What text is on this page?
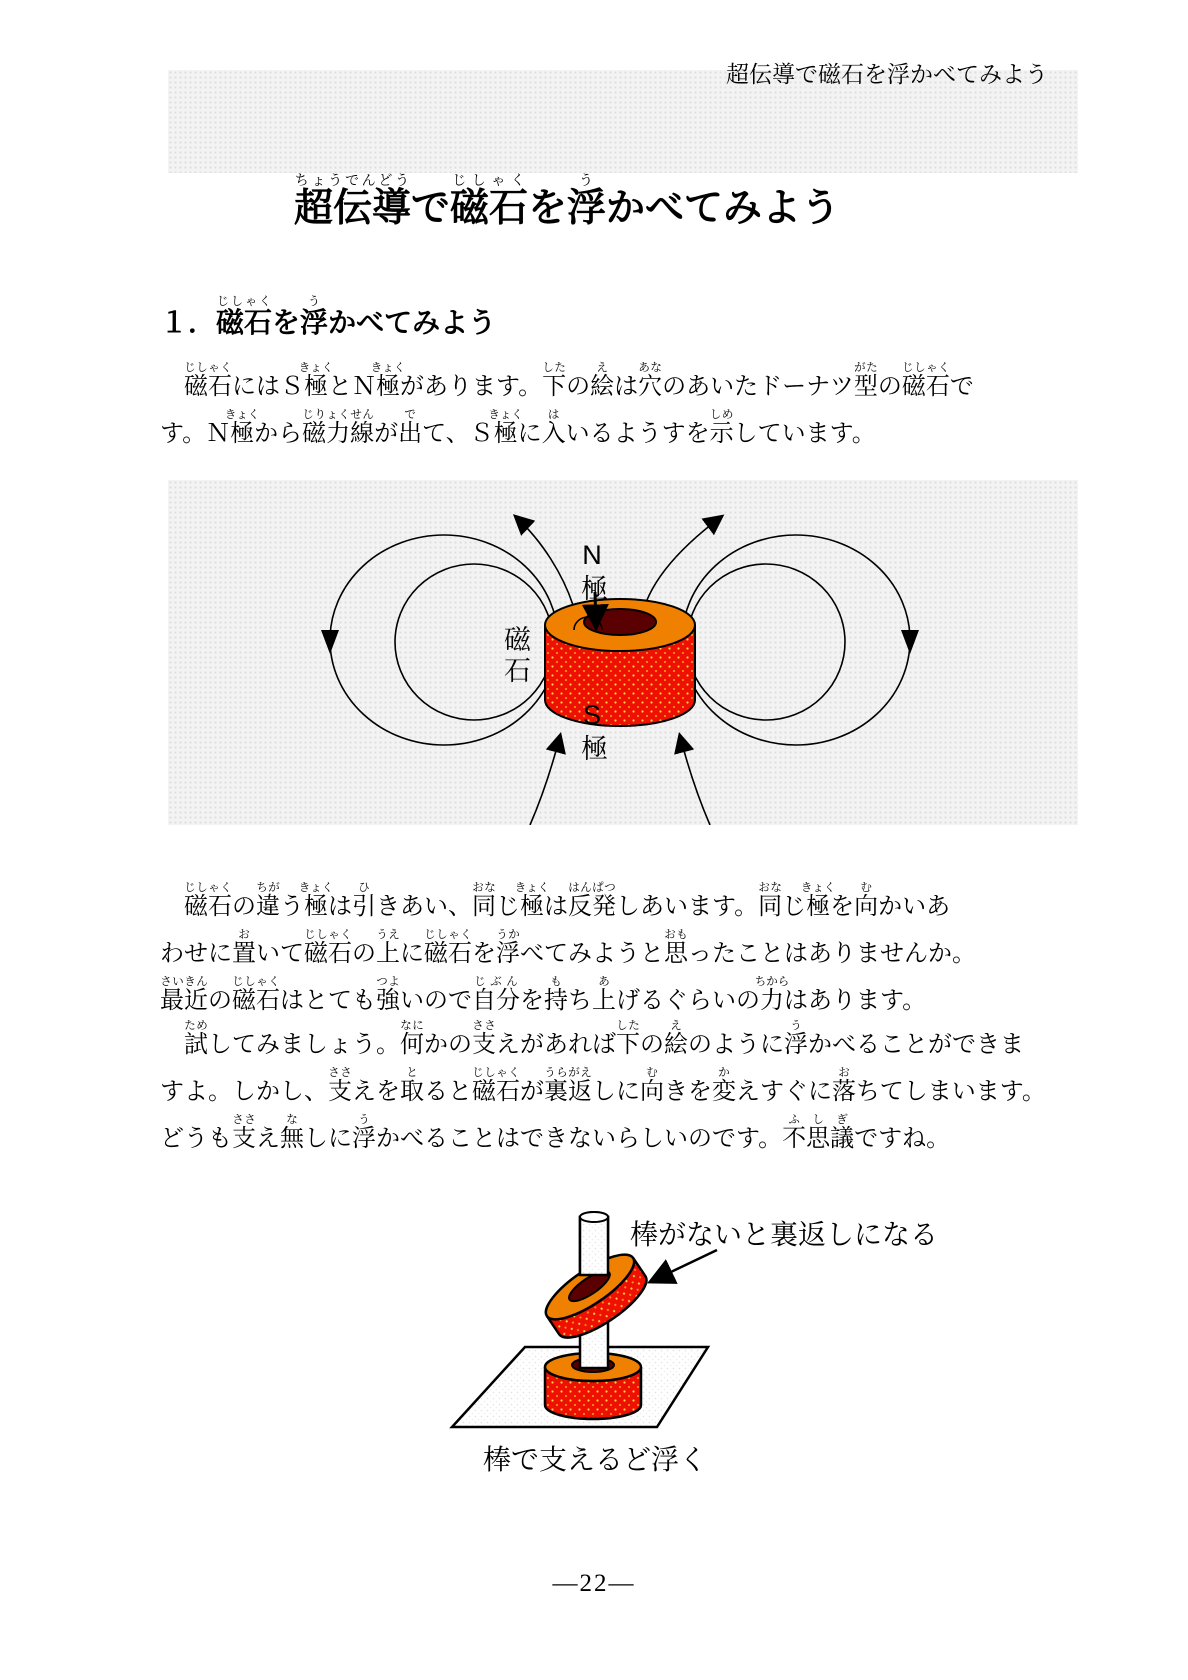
超伝導で磁石を浮かべてみよう
超伝導ちょうでんどうで磁石じしゃくを浮うかべてみよう
１．磁石じしゃくを浮うかべてみよう
　磁石じしゃくにはＳ極きょくとＮ極きょくがあります。下したの絵えは穴あなのあいたドーナツ型がたの磁石じしゃくで
す。Ｎ極きょくから磁力線じりょくせんが出でて、Ｓ極きょくに入はいるようすを示しめしています。
N極
磁石
S極
　磁石じしゃくの違ちがう極きょくは引ひきあい、同おなじ極きょくは反発はんぱつしあいます。同おなじ極きょくを向むかいあ
わせに置おいて磁石じしゃくの上うえに磁石じしゃくを浮うかべてみようと思おもったことはありませんか。
最近さいきんの磁石じしゃくはとても強つよいので自分じぶんを持もち上あげるぐらいの力ちからはあります。
　試ためしてみましょう。何なにかの支ささえがあれば下したの絵えのように浮うかべることができま
すよ。しかし、支ささえを取とると磁石じしゃくが裏返うらがえしに向むきを変かえすぐに落おちてしまいます。
どうも支ささえ無なしに浮うかべることはできないらしいのです。不思議ふしぎですね。
棒がないと裏返しになる
棒で支えるど浮く
—22—
